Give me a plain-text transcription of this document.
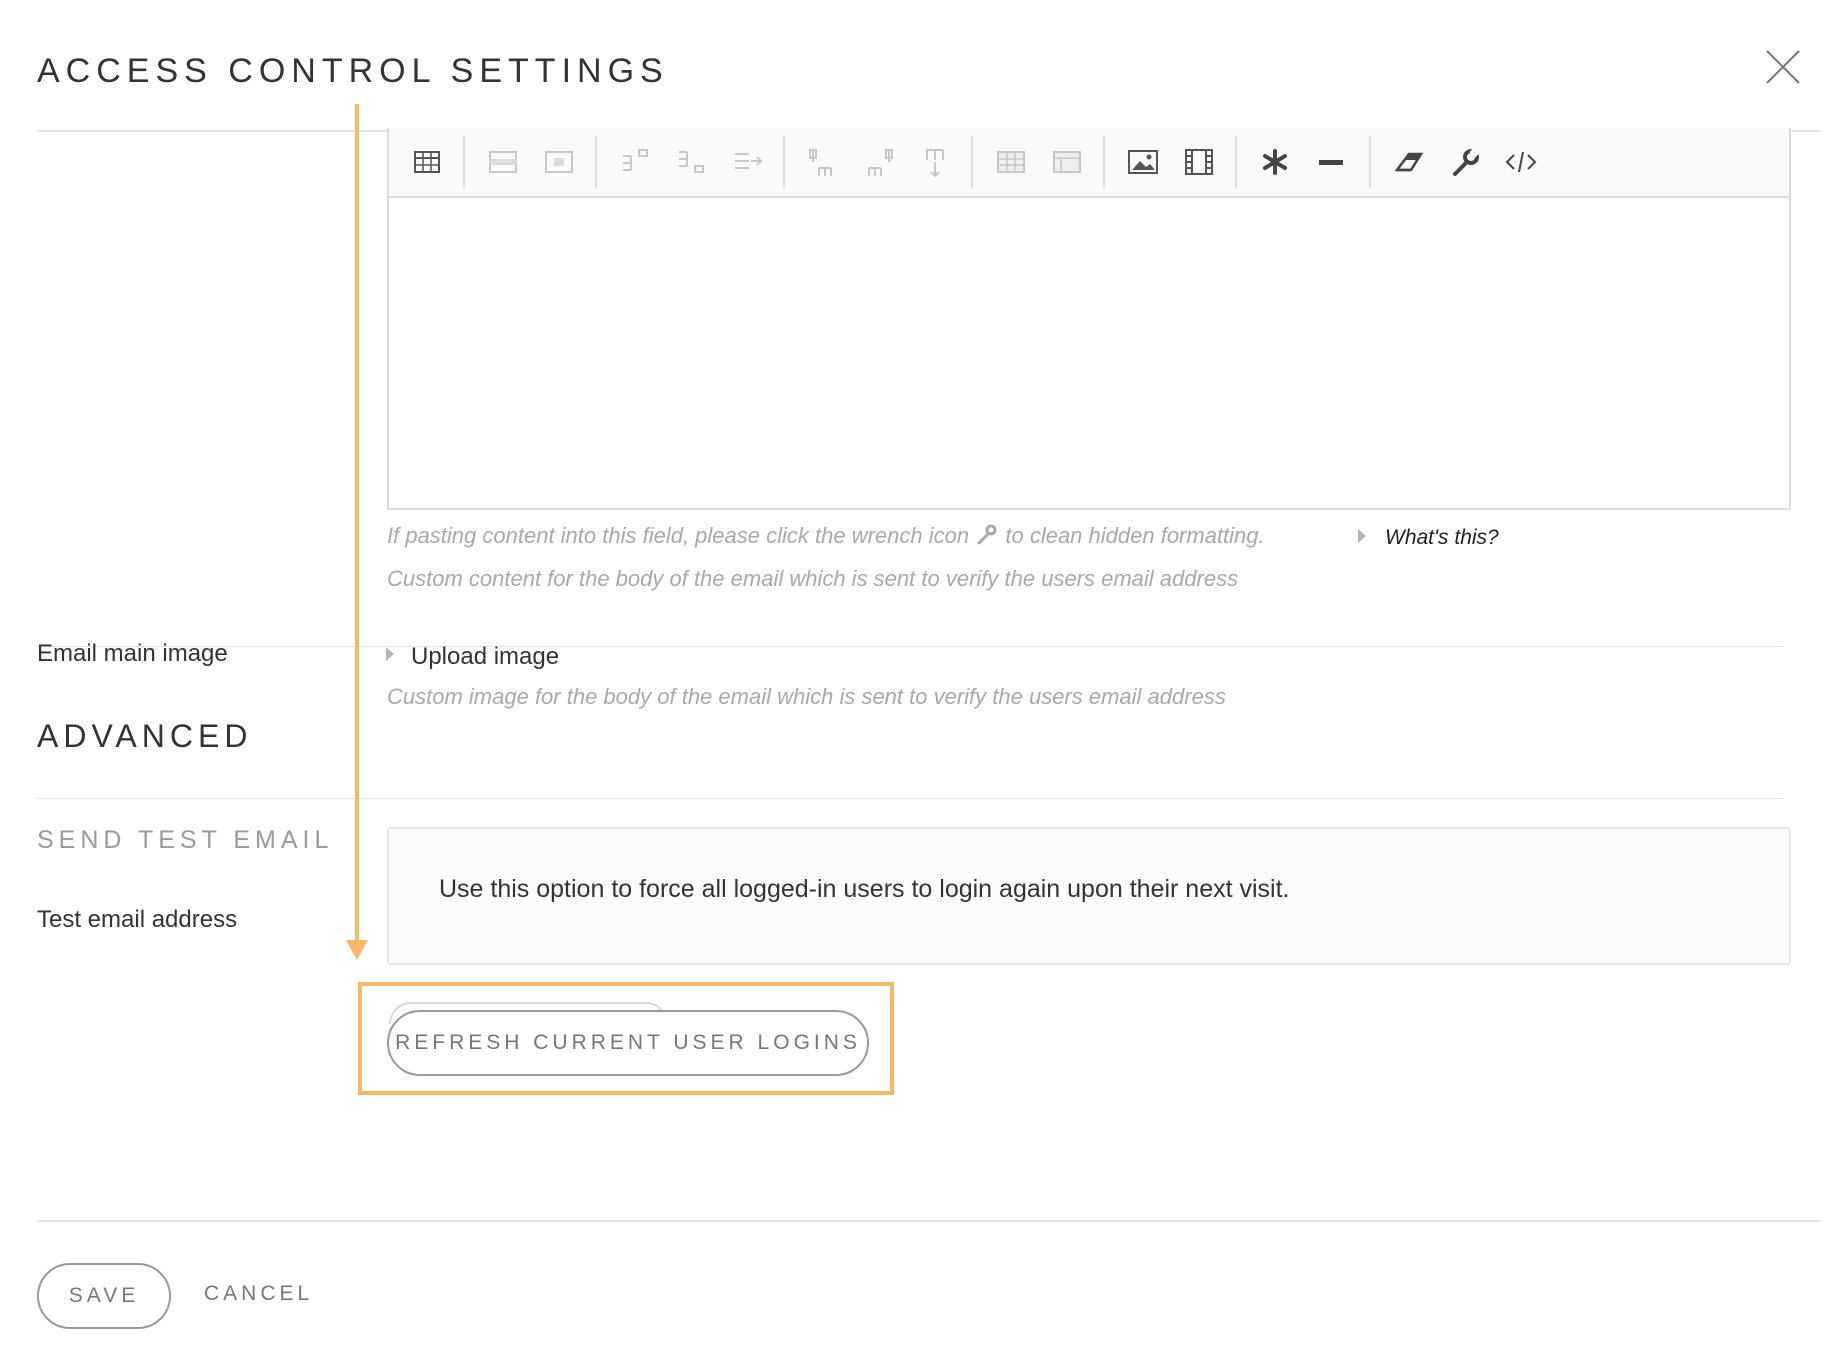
ACCESS CONTROL SETTINGS
If pasting content into this field, please click the wrench icon to clean hidden formatting.	What's this?
Custom content for the body of the email which is sent to verify the users email address
Email main image	Upload image
Custom image for the body of the email which is sent to verify the users email address
ADVANCED
SEND TEST EMAIL
Test email address
Use this option to force all logged-in users to login again upon their next visit.
REFRESH CURRENT USER LOGINS
SAVE	CANCEL
